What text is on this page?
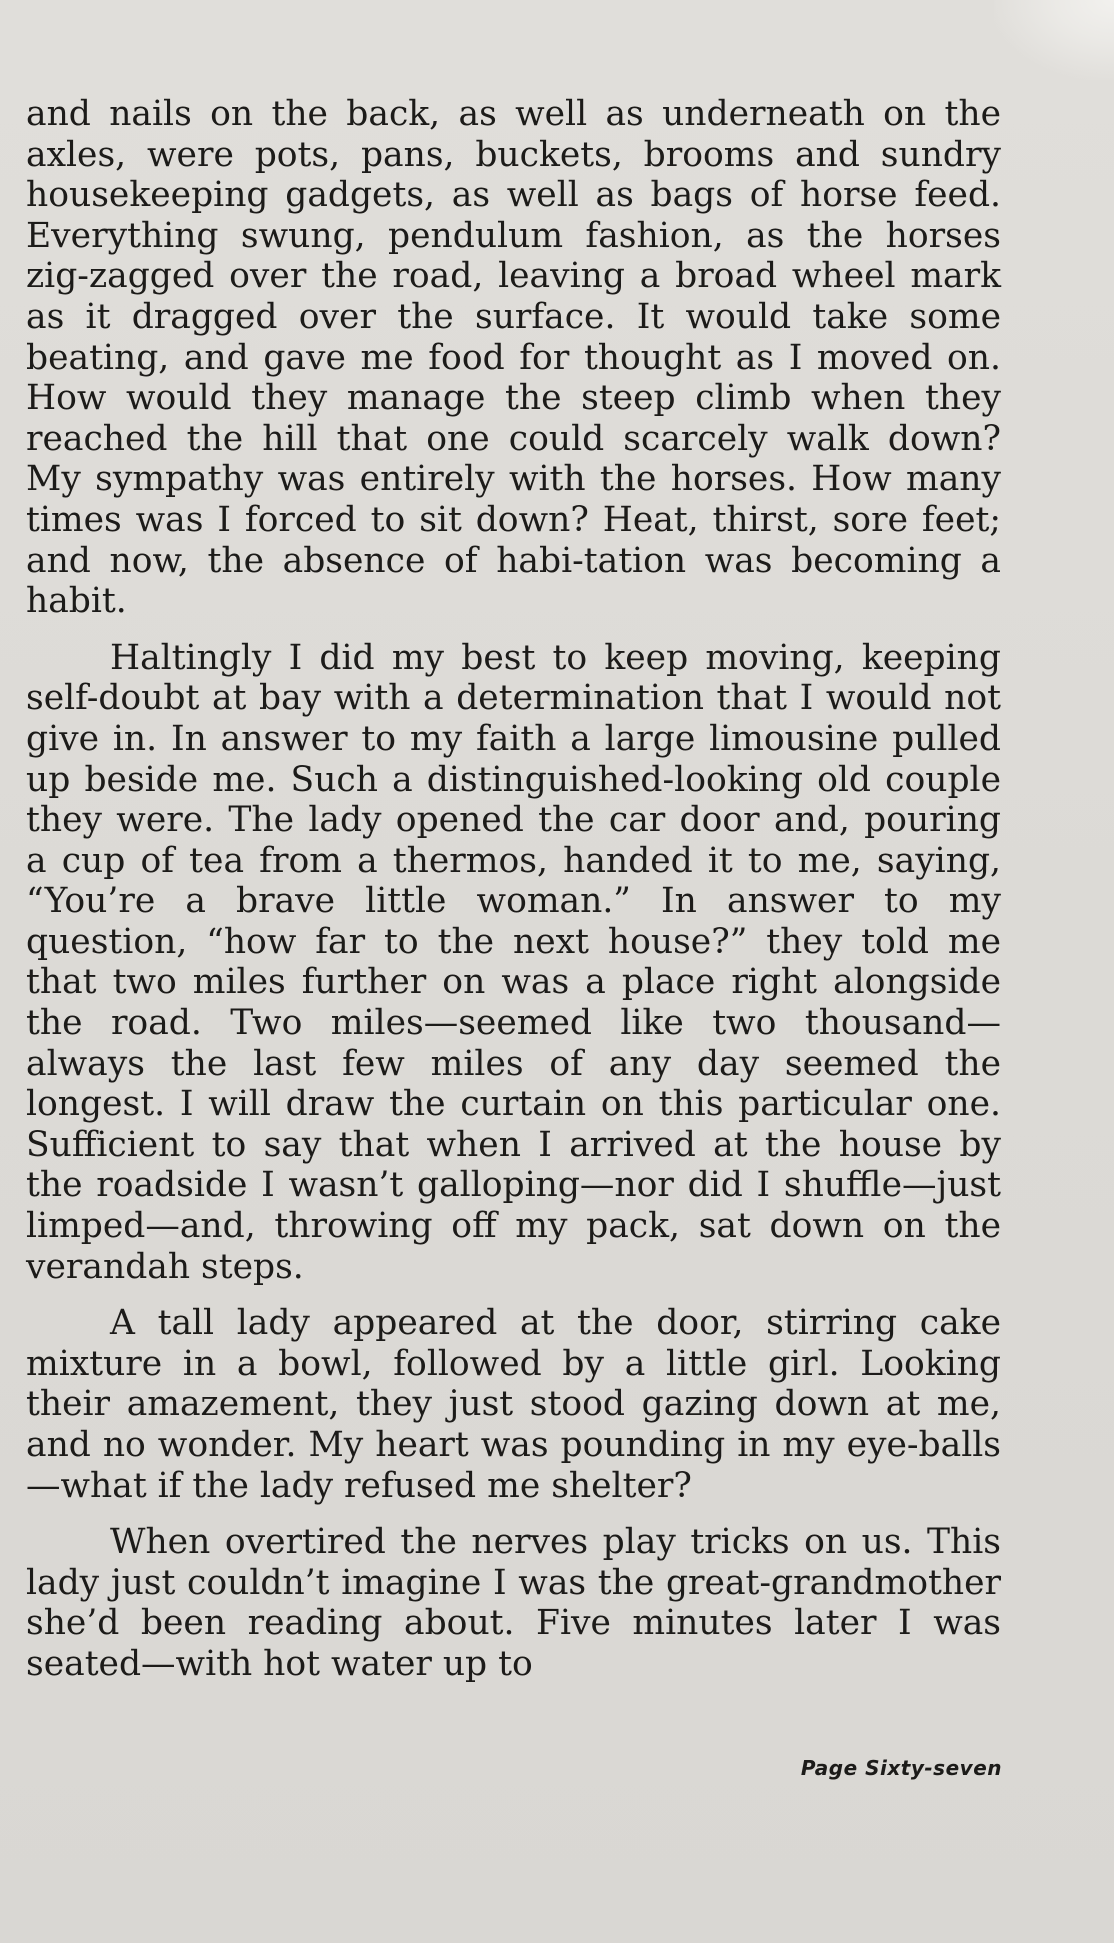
and nails on the back, as well as underneath on the axles, were pots, pans, buckets, brooms and sundry housekeeping gadgets, as well as bags of horse feed. Everything swung, pendulum fashion, as the horses zig-zagged over the road, leaving a broad wheel mark as it dragged over the surface. It would take some beating, and gave me food for thought as I moved on. How would they manage the steep climb when they reached the hill that one could scarcely walk down? My sympathy was entirely with the horses. How many times was I forced to sit down? Heat, thirst, sore feet; and now, the absence of habi-tation was becoming a habit.

Haltingly I did my best to keep moving, keeping self-doubt at bay with a determination that I would not give in. In answer to my faith a large limousine pulled up beside me. Such a distinguished-looking old couple they were. The lady opened the car door and, pouring a cup of tea from a thermos, handed it to me, saying, “You’re a brave little woman.” In answer to my question, “how far to the next house?” they told me that two miles further on was a place right alongside the road. Two miles—seemed like two thousand—always the last few miles of any day seemed the longest. I will draw the curtain on this particular one. Sufficient to say that when I arrived at the house by the roadside I wasn’t galloping—nor did I shuffle—just limped—and, throwing off my pack, sat down on the verandah steps.

A tall lady appeared at the door, stirring cake mixture in a bowl, followed by a little girl. Looking their amazement, they just stood gazing down at me, and no wonder. My heart was pounding in my eye-balls—what if the lady refused me shelter?

When overtired the nerves play tricks on us. This lady just couldn’t imagine I was the great-grandmother she’d been reading about. Five minutes later I was seated—with hot water up to

Page Sixty-seven
